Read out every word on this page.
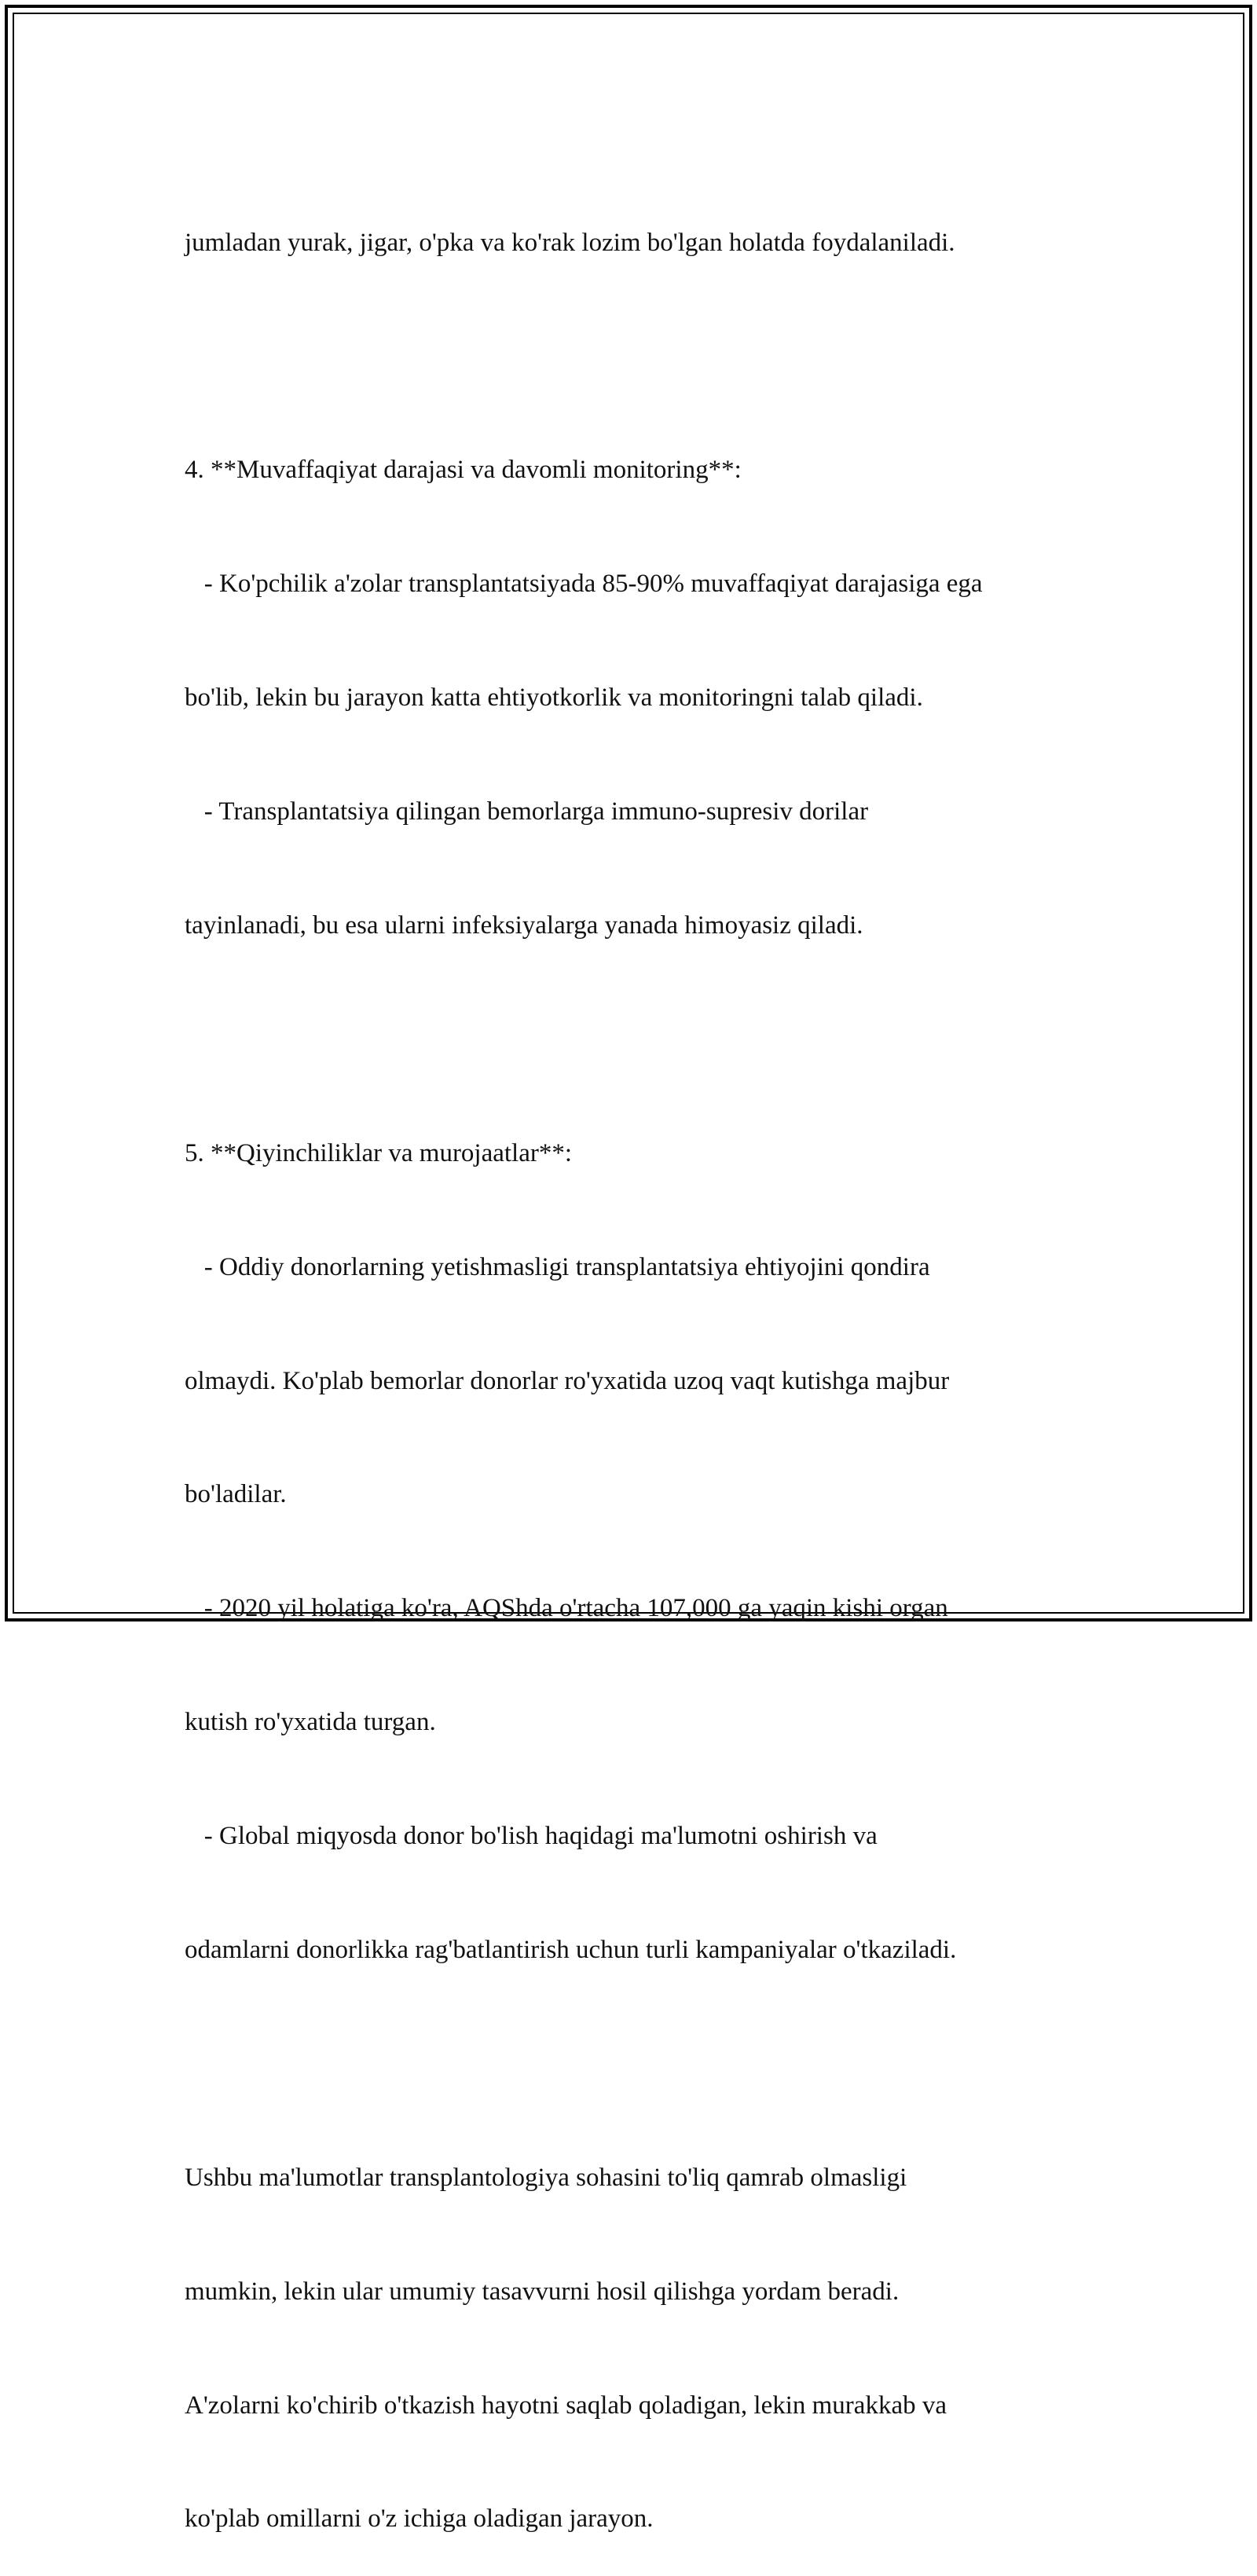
jumladan yurak, jigar, o'pka va ko'rak lozim bo'lgan holatda foydalaniladi.

4. **Muvaffaqiyat darajasi va davomli monitoring**:

- Ko'pchilik a'zolar transplantatsiyada 85-90% muvaffaqiyat darajasiga ega

bo'lib, lekin bu jarayon katta ehtiyotkorlik va monitoringni talab qiladi.

- Transplantatsiya qilingan bemorlarga immuno-supresiv dorilar

tayinlanadi, bu esa ularni infeksiyalarga yanada himoyasiz qiladi.

5. **Qiyinchiliklar va murojaatlar**:

- Oddiy donorlarning yetishmasligi transplantatsiya ehtiyojini qondira

olmaydi. Ko'plab bemorlar donorlar ro'yxatida uzoq vaqt kutishga majbur

bo'ladilar.

- 2020 yil holatiga ko'ra, AQShda o'rtacha 107,000 ga yaqin kishi organ

kutish ro'yxatida turgan.

- Global miqyosda donor bo'lish haqidagi ma'lumotni oshirish va

odamlarni donorlikka rag'batlantirish uchun turli kampaniyalar o'tkaziladi.

Ushbu ma'lumotlar transplantologiya sohasini to'liq qamrab olmasligi

mumkin, lekin ular umumiy tasavvurni hosil qilishga yordam beradi.

A'zolarni ko'chirib o'tkazish hayotni saqlab qoladigan, lekin murakkab va

ko'plab omillarni o'z ichiga oladigan jarayon.
